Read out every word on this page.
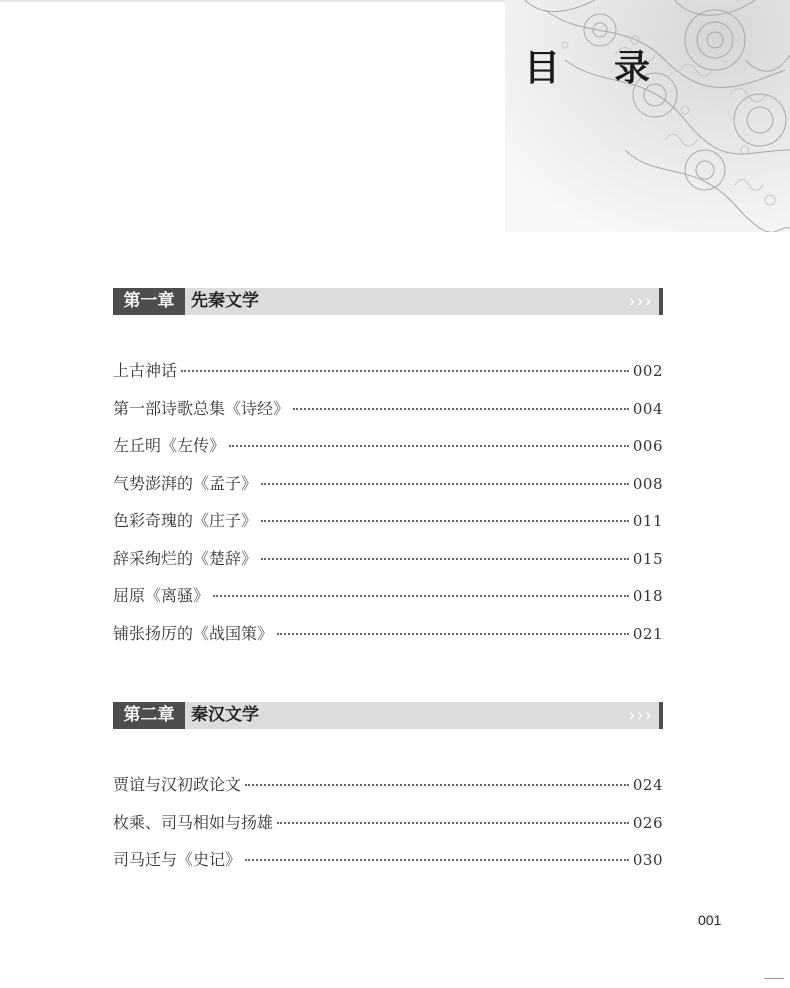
目录
第一章 先秦文学	›››
上古神话	002
第一部诗歌总集《诗经》	004
左丘明《左传》	006
气势澎湃的《孟子》	008
色彩奇瑰的《庄子》	011
辞采绚烂的《楚辞》	015
屈原《离骚》	018
铺张扬厉的《战国策》	021
第二章 秦汉文学	›››
贾谊与汉初政论文	024
枚乘、司马相如与扬雄	026
司马迁与《史记》	030
001
